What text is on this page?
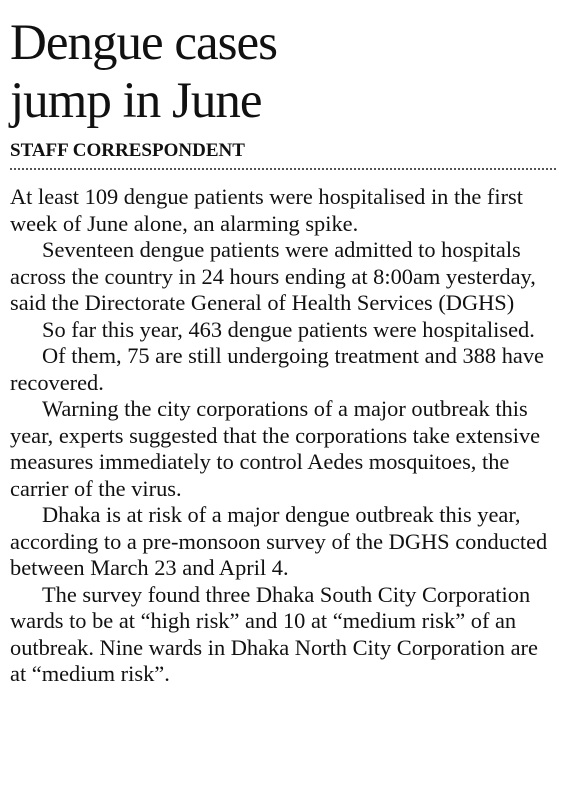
Dengue cases
jump in June
STAFF CORRESPONDENT

At least 109 dengue patients were hospitalised in the first week of June alone, an alarming spike.

Seventeen dengue patients were admitted to hospitals across the country in 24 hours ending at 8:00am yesterday, said the Directorate General of Health Services (DGHS)

So far this year, 463 dengue patients were hospitalised.

Of them, 75 are still undergoing treatment and 388 have recovered.

Warning the city corporations of a major outbreak this year, experts suggested that the corporations take extensive measures immediately to control Aedes mosquitoes, the carrier of the virus.

Dhaka is at risk of a major dengue outbreak this year, according to a pre-monsoon survey of the DGHS conducted between March 23 and April 4.

The survey found three Dhaka South City Corporation wards to be at “high risk” and 10 at “medium risk” of an outbreak. Nine wards in Dhaka North City Corporation are at “medium risk”.
